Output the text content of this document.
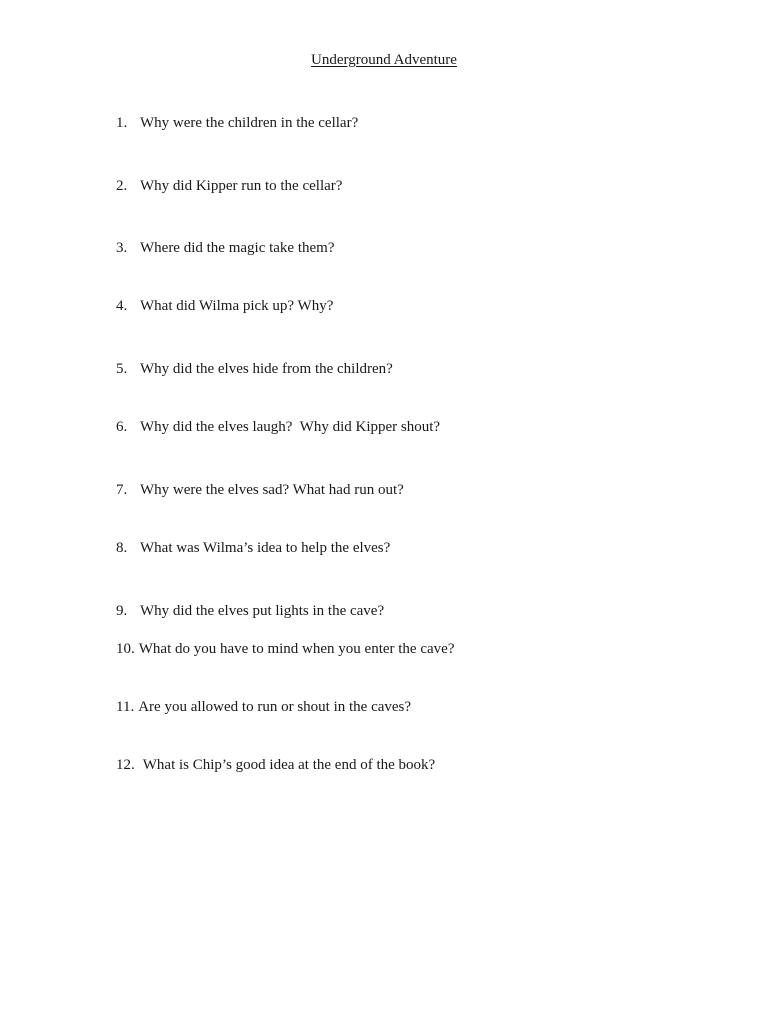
Underground Adventure
1. Why were the children in the cellar?
2. Why did Kipper run to the cellar?
3. Where did the magic take them?
4. What did Wilma pick up? Why?
5. Why did the elves hide from the children?
6. Why did the elves laugh?  Why did Kipper shout?
7. Why were the elves sad? What had run out?
8. What was Wilma’s idea to help the elves?
9. Why did the elves put lights in the cave?
10. What do you have to mind when you enter the cave?
11. Are you allowed to run or shout in the caves?
12. What is Chip’s good idea at the end of the book?
